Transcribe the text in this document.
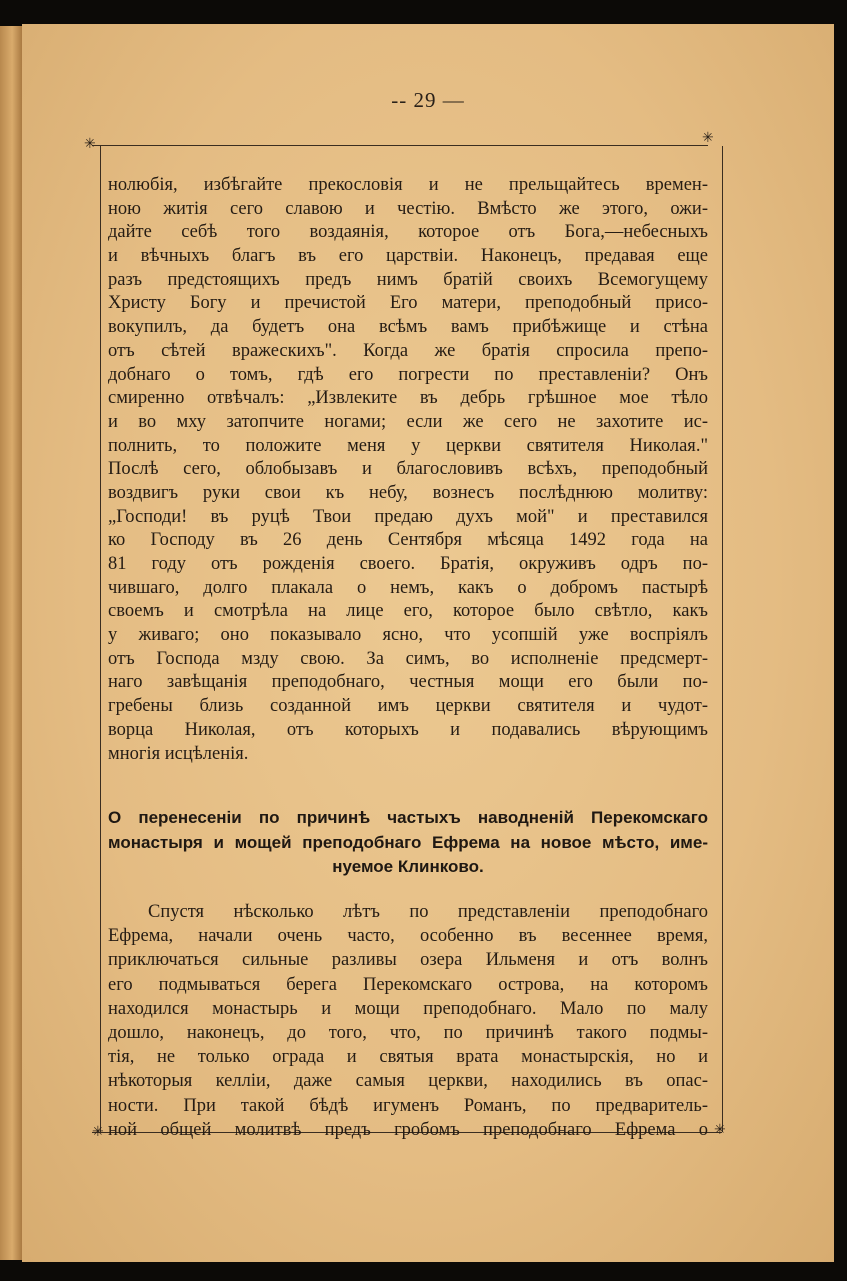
-- 29 —
✳	✳
✳	✳
нолюбія, избѣгайте прекословія и не прельщайтесь времен-
ною житія сего славою и честію. Вмѣсто же этого, ожи-
дайте себѣ того воздаянія, которое отъ Бога,—небесныхъ
и вѣчныхъ благъ въ его царствіи. Наконецъ, предавая еще
разъ предстоящихъ предъ нимъ братій своихъ Всемогущему
Христу Богу и пречистой Его матери, преподобный присо-
вокупилъ, да будетъ она всѣмъ вамъ прибѣжище и стѣна
отъ сѣтей вражескихъ". Когда же братія спросила препо-
добнаго о томъ, гдѣ его погрести по преставленіи? Онъ
смиренно отвѣчалъ: „Извлеките въ дебрь грѣшное мое тѣло
и во мху затопчите ногами; если же сего не захотите ис-
полнить, то положите меня у церкви святителя Николая."
Послѣ сего, облобызавъ и благословивъ всѣхъ, преподобный
воздвигъ руки свои къ небу, вознесъ послѣднюю молитву:
„Господи! въ руцѣ Твои предаю духъ мой" и преставился
ко Господу въ 26 день Сентября мѣсяца 1492 года на
81 году отъ рожденія своего. Братія, окруживъ одръ по-
чившаго, долго плакала о немъ, какъ о добромъ пастырѣ
своемъ и смотрѣла на лице его, которое было свѣтло, какъ
у живаго; оно показывало ясно, что усопшій уже воспріялъ
отъ Господа мзду свою. За симъ, во исполненіе предсмерт-
наго завѣщанія преподобнаго, честныя мощи его были по-
гребены близь созданной имъ церкви святителя и чудот-
ворца Николая, отъ которыхъ и подавались вѣрующимъ
многія исцѣленія.
О перенесеніи по причинѣ частыхъ наводненій Перекомскаго
монастыря и мощей преподобнаго Ефрема на новое мѣсто, име-
нуемое Клинково.
Спустя нѣсколько лѣтъ по представленіи преподобнаго
Ефрема, начали очень часто, особенно въ весеннее время,
приключаться сильные разливы озера Ильменя и отъ волнъ
его подмываться берега Перекомскаго острова, на которомъ
находился монастырь и мощи преподобнаго. Мало по малу
дошло, наконецъ, до того, что, по причинѣ такого подмы-
тія, не только ограда и святыя врата монастырскія, но и
нѣкоторыя келліи, даже самыя церкви, находились въ опас-
ности. При такой бѣдѣ игуменъ Романъ, по предваритель-
ной общей молитвѣ предъ гробомъ преподобнаго Ефрема о
